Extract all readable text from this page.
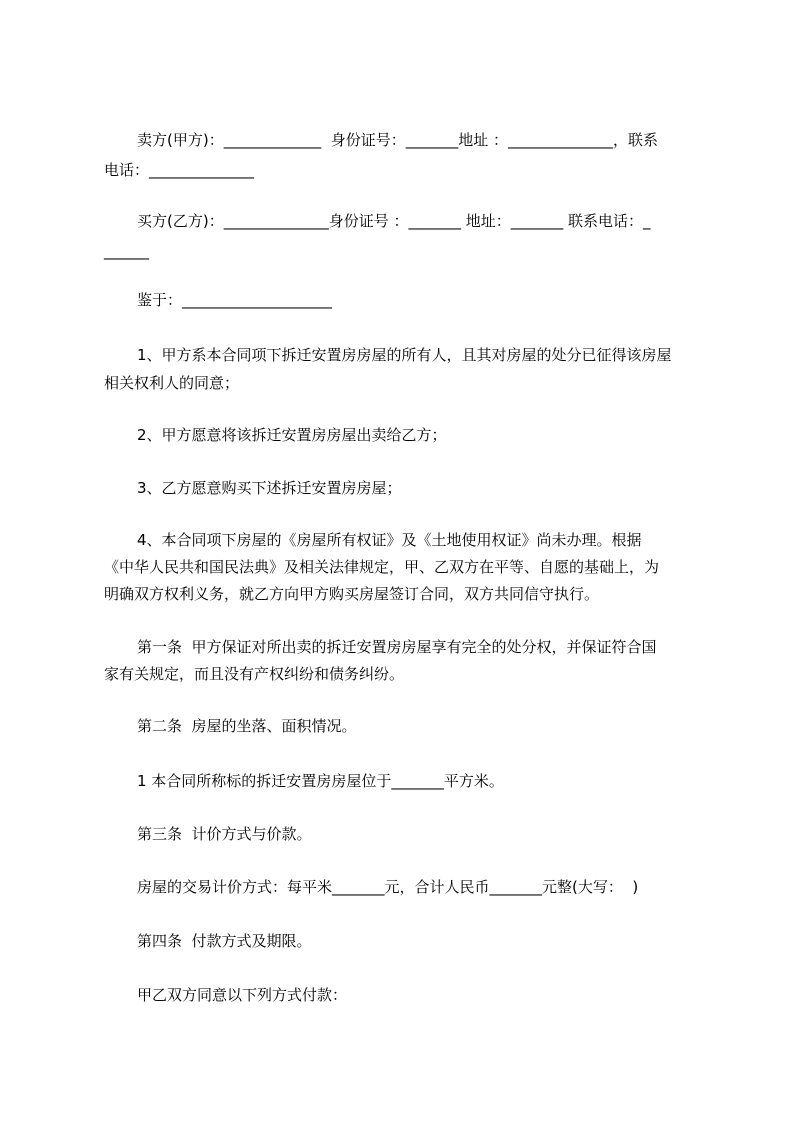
卖方(甲方)：_____________  身份证号：_______地址 ：______________，联系

电话：______________

买方(乙方)：______________身份证号 ：_______ 地址：_______ 联系电话：_

______

鉴于：____________________

1、甲方系本合同项下拆迁安置房房屋的所有人，且其对房屋的处分已征得该房屋

相关权利人的同意；

2、甲方愿意将该拆迁安置房房屋出卖给乙方；

3、乙方愿意购买下述拆迁安置房房屋；

4、本合同项下房屋的《房屋所有权证》及《土地使用权证》尚未办理。根据

《中华人民共和国民法典》及相关法律规定，甲、乙双方在平等、自愿的基础上，为

明确双方权利义务，就乙方向甲方购买房屋签订合同，双方共同信守执行。

第一条  甲方保证对所出卖的拆迁安置房房屋享有完全的处分权，并保证符合国

家有关规定，而且没有产权纠纷和债务纠纷。

第二条  房屋的坐落、面积情况。

1 本合同所称标的拆迁安置房房屋位于_______平方米。

第三条  计价方式与价款。

房屋的交易计价方式：每平米_______元，合计人民币_______元整(大写：  )

第四条  付款方式及期限。

甲乙双方同意以下列方式付款：
